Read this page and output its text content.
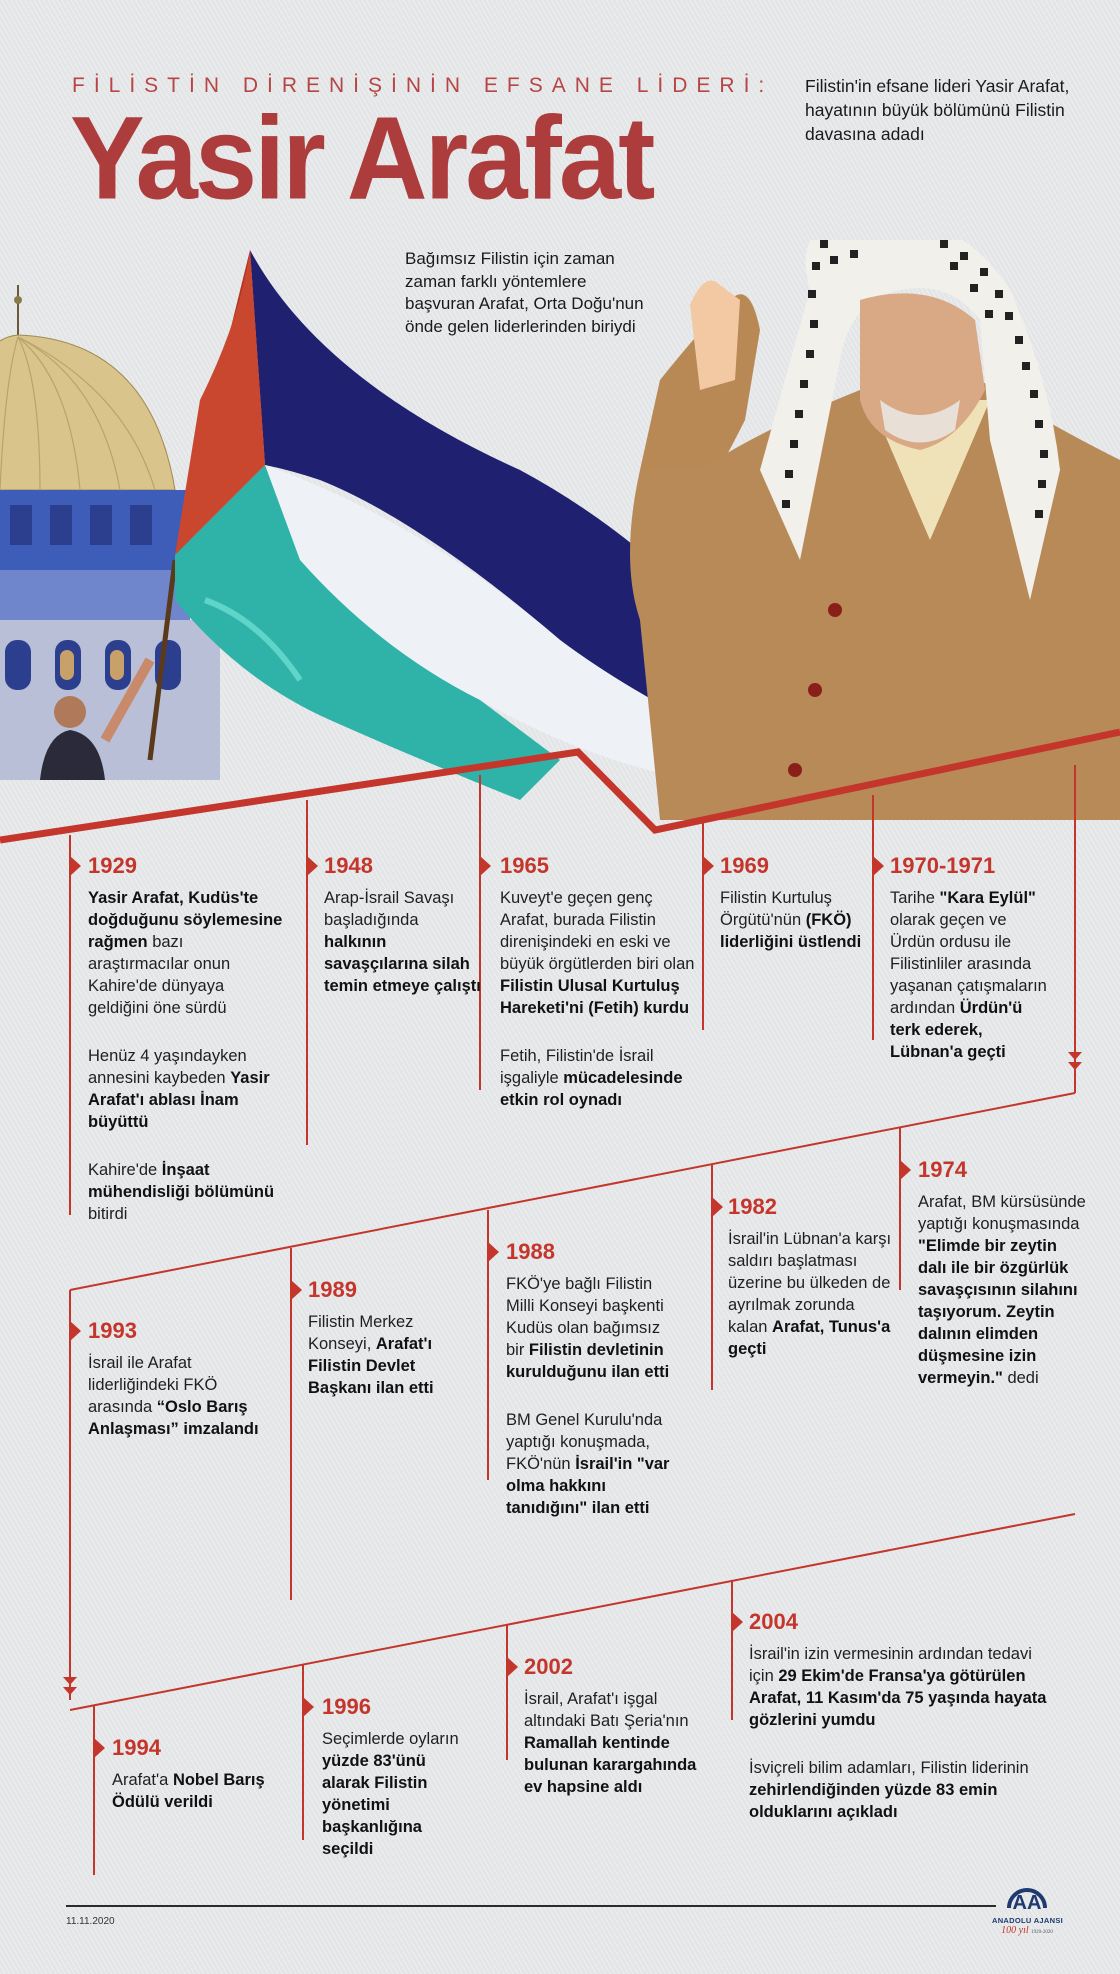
FİLİSTİN DİRENİŞİNİN EFSANE LİDERİ:
Yasir Arafat
Filistin'in efsane lideri Yasir Arafat, hayatının büyük bölümünü Filistin davasına adadı
Bağımsız Filistin için zaman zaman farklı yöntemlere başvuran Arafat, Orta Doğu'nun önde gelen liderlerinden biriydi
1929
Yasir Arafat, Kudüs'te doğduğunu söylemesine rağmen bazı araştırmacılar onun Kahire'de dünyaya geldiğini öne sürdü
Henüz 4 yaşındayken annesini kaybeden Yasir Arafat'ı ablası İnam büyüttü
Kahire'de İnşaat mühendisliği bölümünü bitirdi
1948
Arap-İsrail Savaşı başladığında halkının savaşçılarına silah temin etmeye çalıştı
1965
Kuveyt'e geçen genç Arafat, burada Filistin direnişindeki en eski ve büyük örgütlerden biri olan Filistin Ulusal Kurtuluş Hareketi'ni (Fetih) kurdu
Fetih, Filistin'de İsrail işgaliyle mücadelesinde etkin rol oynadı
1969
Filistin Kurtuluş Örgütü'nün (FKÖ) liderliğini üstlendi
1970-1971
Tarihe "Kara Eylül" olarak geçen ve Ürdün ordusu ile Filistinliler arasında yaşanan çatışmaların ardından Ürdün'ü terk ederek, Lübnan'a geçti
1974
Arafat, BM kürsüsünde yaptığı konuşmasında "Elimde bir zeytin dalı ile bir özgürlük savaşçısının silahını taşıyorum. Zeytin dalının elimden düşmesine izin vermeyin." dedi
1982
İsrail'in Lübnan'a karşı saldırı başlatması üzerine bu ülkeden de ayrılmak zorunda kalan Arafat, Tunus'a geçti
1988
FKÖ'ye bağlı Filistin Milli Konseyi başkenti Kudüs olan bağımsız bir Filistin devletinin kurulduğunu ilan etti
BM Genel Kurulu'nda yaptığı konuşmada, FKÖ'nün İsrail'in "var olma hakkını tanıdığını" ilan etti
1989
Filistin Merkez Konseyi, Arafat'ı Filistin Devlet Başkanı ilan etti
1993
İsrail ile Arafat liderliğindeki FKÖ arasında “Oslo Barış Anlaşması” imzalandı
1994
Arafat'a Nobel Barış Ödülü verildi
1996
Seçimlerde oyların yüzde 83'ünü alarak Filistin yönetimi başkanlığına seçildi
2002
İsrail, Arafat'ı işgal altındaki Batı Şeria'nın Ramallah kentinde bulunan karargahında ev hapsine aldı
2004
İsrail'in izin vermesinin ardından tedavi için 29 Ekim'de Fransa'ya götürülen Arafat, 11 Kasım'da 75 yaşında hayata gözlerini yumdu
İsviçreli bilim adamları, Filistin liderinin zehirlendiğinden yüzde 83 emin olduklarını açıkladı
11.11.2020
AA
ANADOLU AJANSI
100 yıl 1920-2020
